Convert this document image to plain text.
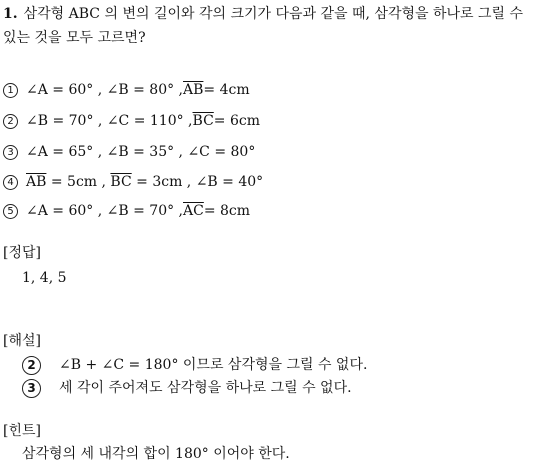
1. 삼각형 ABC 의 변의 길이와 각의 크기가 다음과 같을 때, 삼각형을 하나로 그릴 수 있는 것을 모두 고르면?
1 ∠A = 60° , ∠B = 80° , $\overline{AB} = 4cm$
2 ∠B = 70° , ∠C = 110° , $\overline{BC} = 6cm$
3 ∠A = 65° , ∠B = 35° , ∠C = 80°
4 $\overline{AB} = 5cm$ , $\overline{BC} = 3cm$ , ∠B = 40°
5 ∠A = 60° , ∠B = 70° , $\overline{AC} = 8cm$
[정답]
1, 4, 5
[해설]
2	∠B + ∠C = 180° 이므로 삼각형을 그릴 수 없다.
3	세 각이 주어져도 삼각형을 하나로 그릴 수 없다.
[힌트]
삼각형의 세 내각의 합이 180° 이어야 한다.
